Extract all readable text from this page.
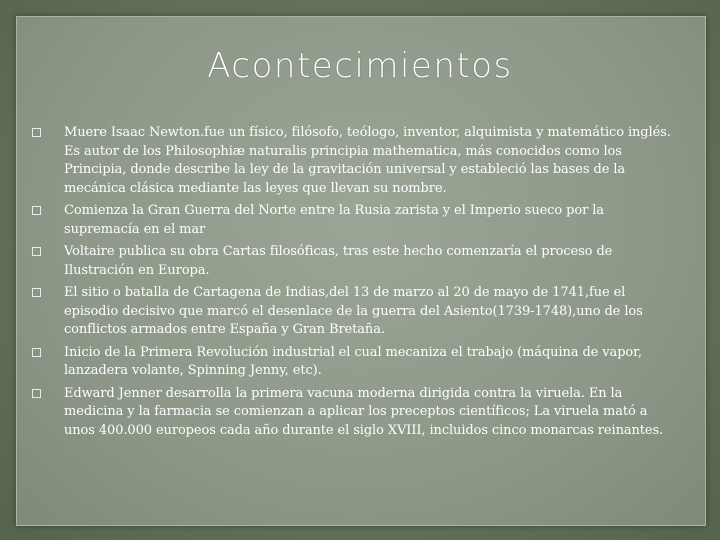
Acontecimientos
Muere Isaac Newton.fue un físico, filósofo, teólogo, inventor, alquimista y matemático inglés. Es autor de los Philosophiæ naturalis principia mathematica, más conocidos como los Principia, donde describe la ley de la gravitación universal y estableció las bases de la mecánica clásica mediante las leyes que llevan su nombre.
Comienza la Gran Guerra del Norte entre la Rusia zarista y el Imperio sueco por la supremacía en el mar
Voltaire publica su obra Cartas filosóficas, tras este hecho comenzaría el proceso de Ilustración en Europa.
El sitio o batalla de Cartagena de Indias,del 13 de marzo al 20 de mayo de 1741,fue el episodio decisivo que marcó el desenlace de la guerra del Asiento(1739-1748),uno de los conflictos armados entre España y Gran Bretaña.
Inicio de la Primera Revolución industrial el cual mecaniza el trabajo (máquina de vapor, lanzadera volante, Spinning Jenny, etc).
Edward Jenner desarrolla la primera vacuna moderna dirigida contra la viruela. En la medicina y la farmacia se comienzan a aplicar los preceptos científicos; La viruela mató a unos 400.000 europeos cada año durante el siglo XVIII, incluidos cinco monarcas reinantes.
